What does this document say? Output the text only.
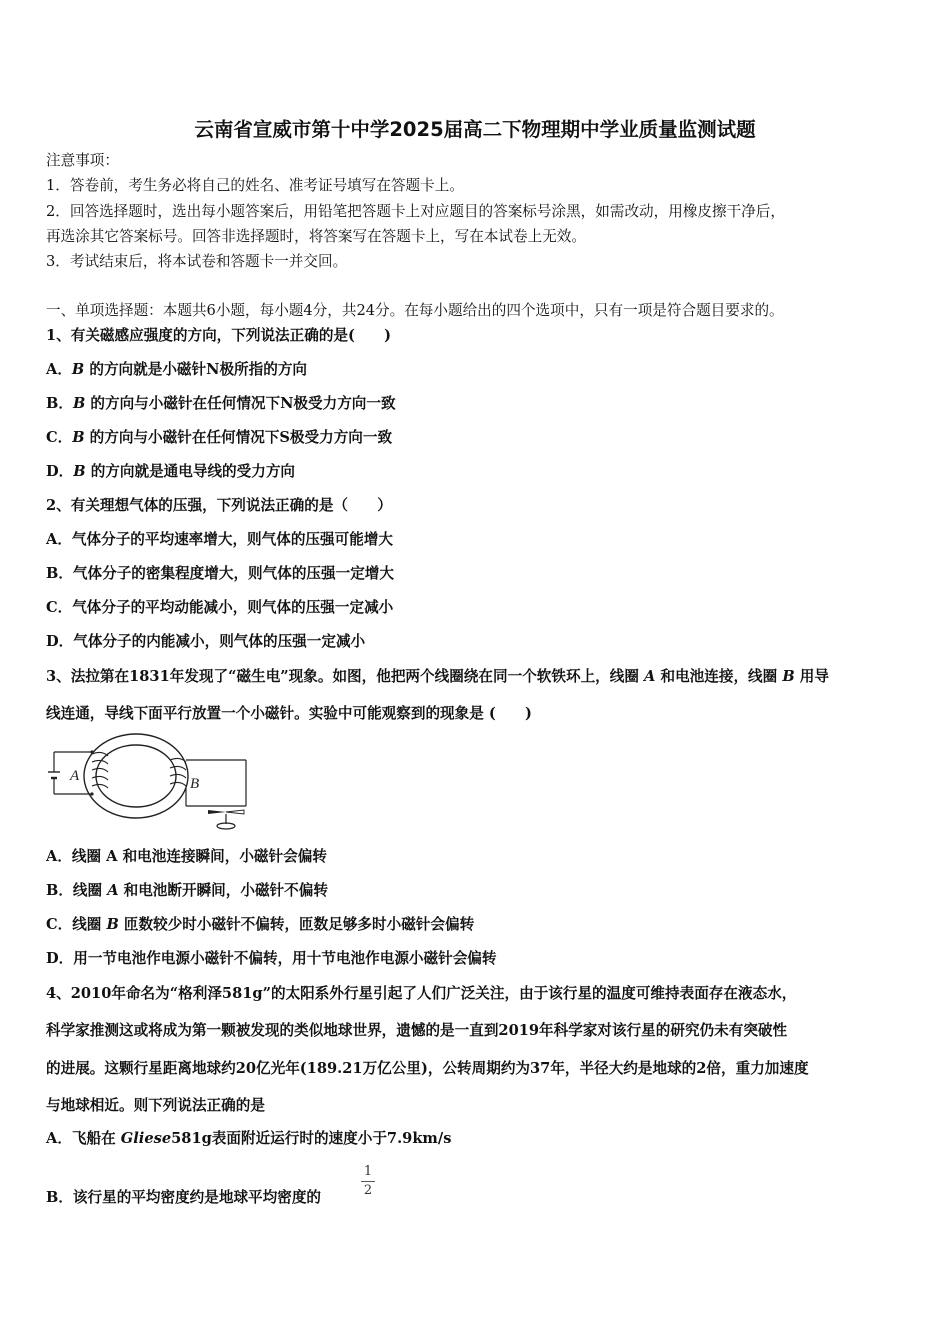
云南省宣威市第十中学2025届高二下物理期中学业质量监测试题
注意事项：
1．答卷前，考生务必将自己的姓名、准考证号填写在答题卡上。
2．回答选择题时，选出每小题答案后，用铅笔把答题卡上对应题目的答案标号涂黑，如需改动，用橡皮擦干净后，
再选涂其它答案标号。回答非选择题时，将答案写在答题卡上，写在本试卷上无效。
3．考试结束后，将本试卷和答题卡一并交回。
一、单项选择题：本题共6小题，每小题4分，共24分。在每小题给出的四个选项中，只有一项是符合题目要求的。
1、有关磁感应强度的方向，下列说法正确的是(　　)
A．B 的方向就是小磁针N极所指的方向
B．B 的方向与小磁针在任何情况下N极受力方向一致
C．B 的方向与小磁针在任何情况下S极受力方向一致
D．B 的方向就是通电导线的受力方向
2、有关理想气体的压强，下列说法正确的是（　　）
A．气体分子的平均速率增大，则气体的压强可能增大
B．气体分子的密集程度增大，则气体的压强一定增大
C．气体分子的平均动能减小，则气体的压强一定减小
D．气体分子的内能减小，则气体的压强一定减小
3、法拉第在1831年发现了“磁生电”现象。如图，他把两个线圈绕在同一个软铁环上，线圈 A 和电池连接，线圈 B 用导
线连通，导线下面平行放置一个小磁针。实验中可能观察到的现象是 (　　)
A	B
A．线圈 A 和电池连接瞬间，小磁针会偏转
B．线圈 A 和电池断开瞬间，小磁针不偏转
C．线圈 B 匝数较少时小磁针不偏转，匝数足够多时小磁针会偏转
D．用一节电池作电源小磁针不偏转，用十节电池作电源小磁针会偏转
4、2010年命名为“格利泽581g”的太阳系外行星引起了人们广泛关注，由于该行星的温度可维持表面存在液态水，
科学家推测这或将成为第一颗被发现的类似地球世界，遗憾的是一直到2019年科学家对该行星的研究仍未有突破性
的进展。这颗行星距离地球约20亿光年(189.21万亿公里)，公转周期约为37年，半径大约是地球的2倍，重力加速度
与地球相近。则下列说法正确的是
A．飞船在 Gliese581g表面附近运行时的速度小于7.9km/s
B．该行星的平均密度约是地球平均密度的	$\frac{1}{2}$
